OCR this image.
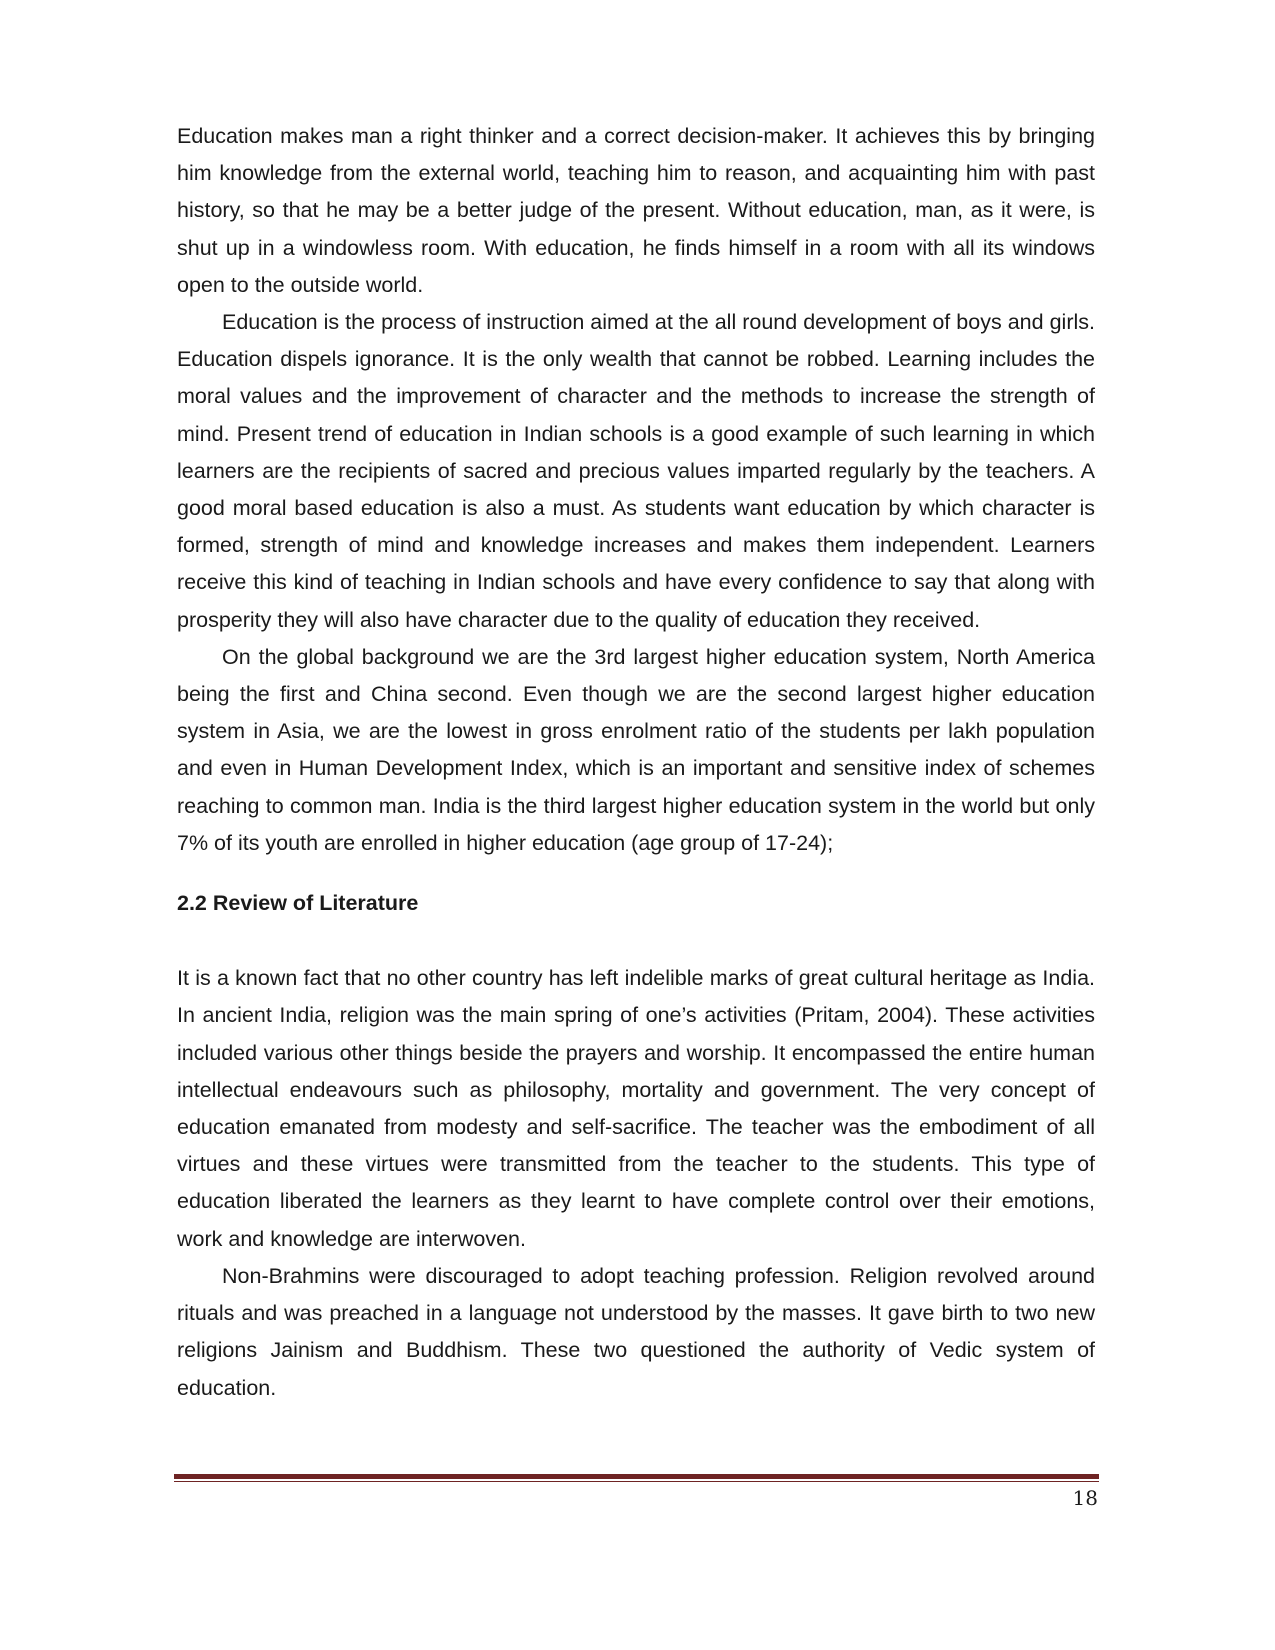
Education makes man a right thinker and a correct decision-maker. It achieves this by bringing him knowledge from the external world, teaching him to reason, and acquainting him with past history, so that he may be a better judge of the present. Without education, man, as it were, is shut up in a windowless room. With education, he finds himself in a room with all its windows open to the outside world.

Education is the process of instruction aimed at the all round development of boys and girls. Education dispels ignorance. It is the only wealth that cannot be robbed. Learning includes the moral values and the improvement of character and the methods to increase the strength of mind. Present trend of education in Indian schools is a good example of such learning in which learners are the recipients of sacred and precious values imparted regularly by the teachers. A good moral based education is also a must. As students want education by which character is formed, strength of mind and knowledge increases and makes them independent. Learners receive this kind of teaching in Indian schools and have every confidence to say that along with prosperity they will also have character due to the quality of education they received.

On the global background we are the 3rd largest higher education system, North America being the first and China second. Even though we are the second largest higher education system in Asia, we are the lowest in gross enrolment ratio of the students per lakh population and even in Human Development Index, which is an important and sensitive index of schemes reaching to common man. India is the third largest higher education system in the world but only 7% of its youth are enrolled in higher education (age group of 17-24);

2.2 Review of Literature

It is a known fact that no other country has left indelible marks of great cultural heritage as India. In ancient India, religion was the main spring of one’s activities (Pritam, 2004). These activities included various other things beside the prayers and worship. It encompassed the entire human intellectual endeavours such as philosophy, mortality and government. The very concept of education emanated from modesty and self-sacrifice. The teacher was the embodiment of all virtues and these virtues were transmitted from the teacher to the students. This type of education liberated the learners as they learnt to have complete control over their emotions, work and knowledge are interwoven.

Non-Brahmins were discouraged to adopt teaching profession. Religion revolved around rituals and was preached in a language not understood by the masses. It gave birth to two new religions Jainism and Buddhism. These two questioned the authority of Vedic system of education.

18
